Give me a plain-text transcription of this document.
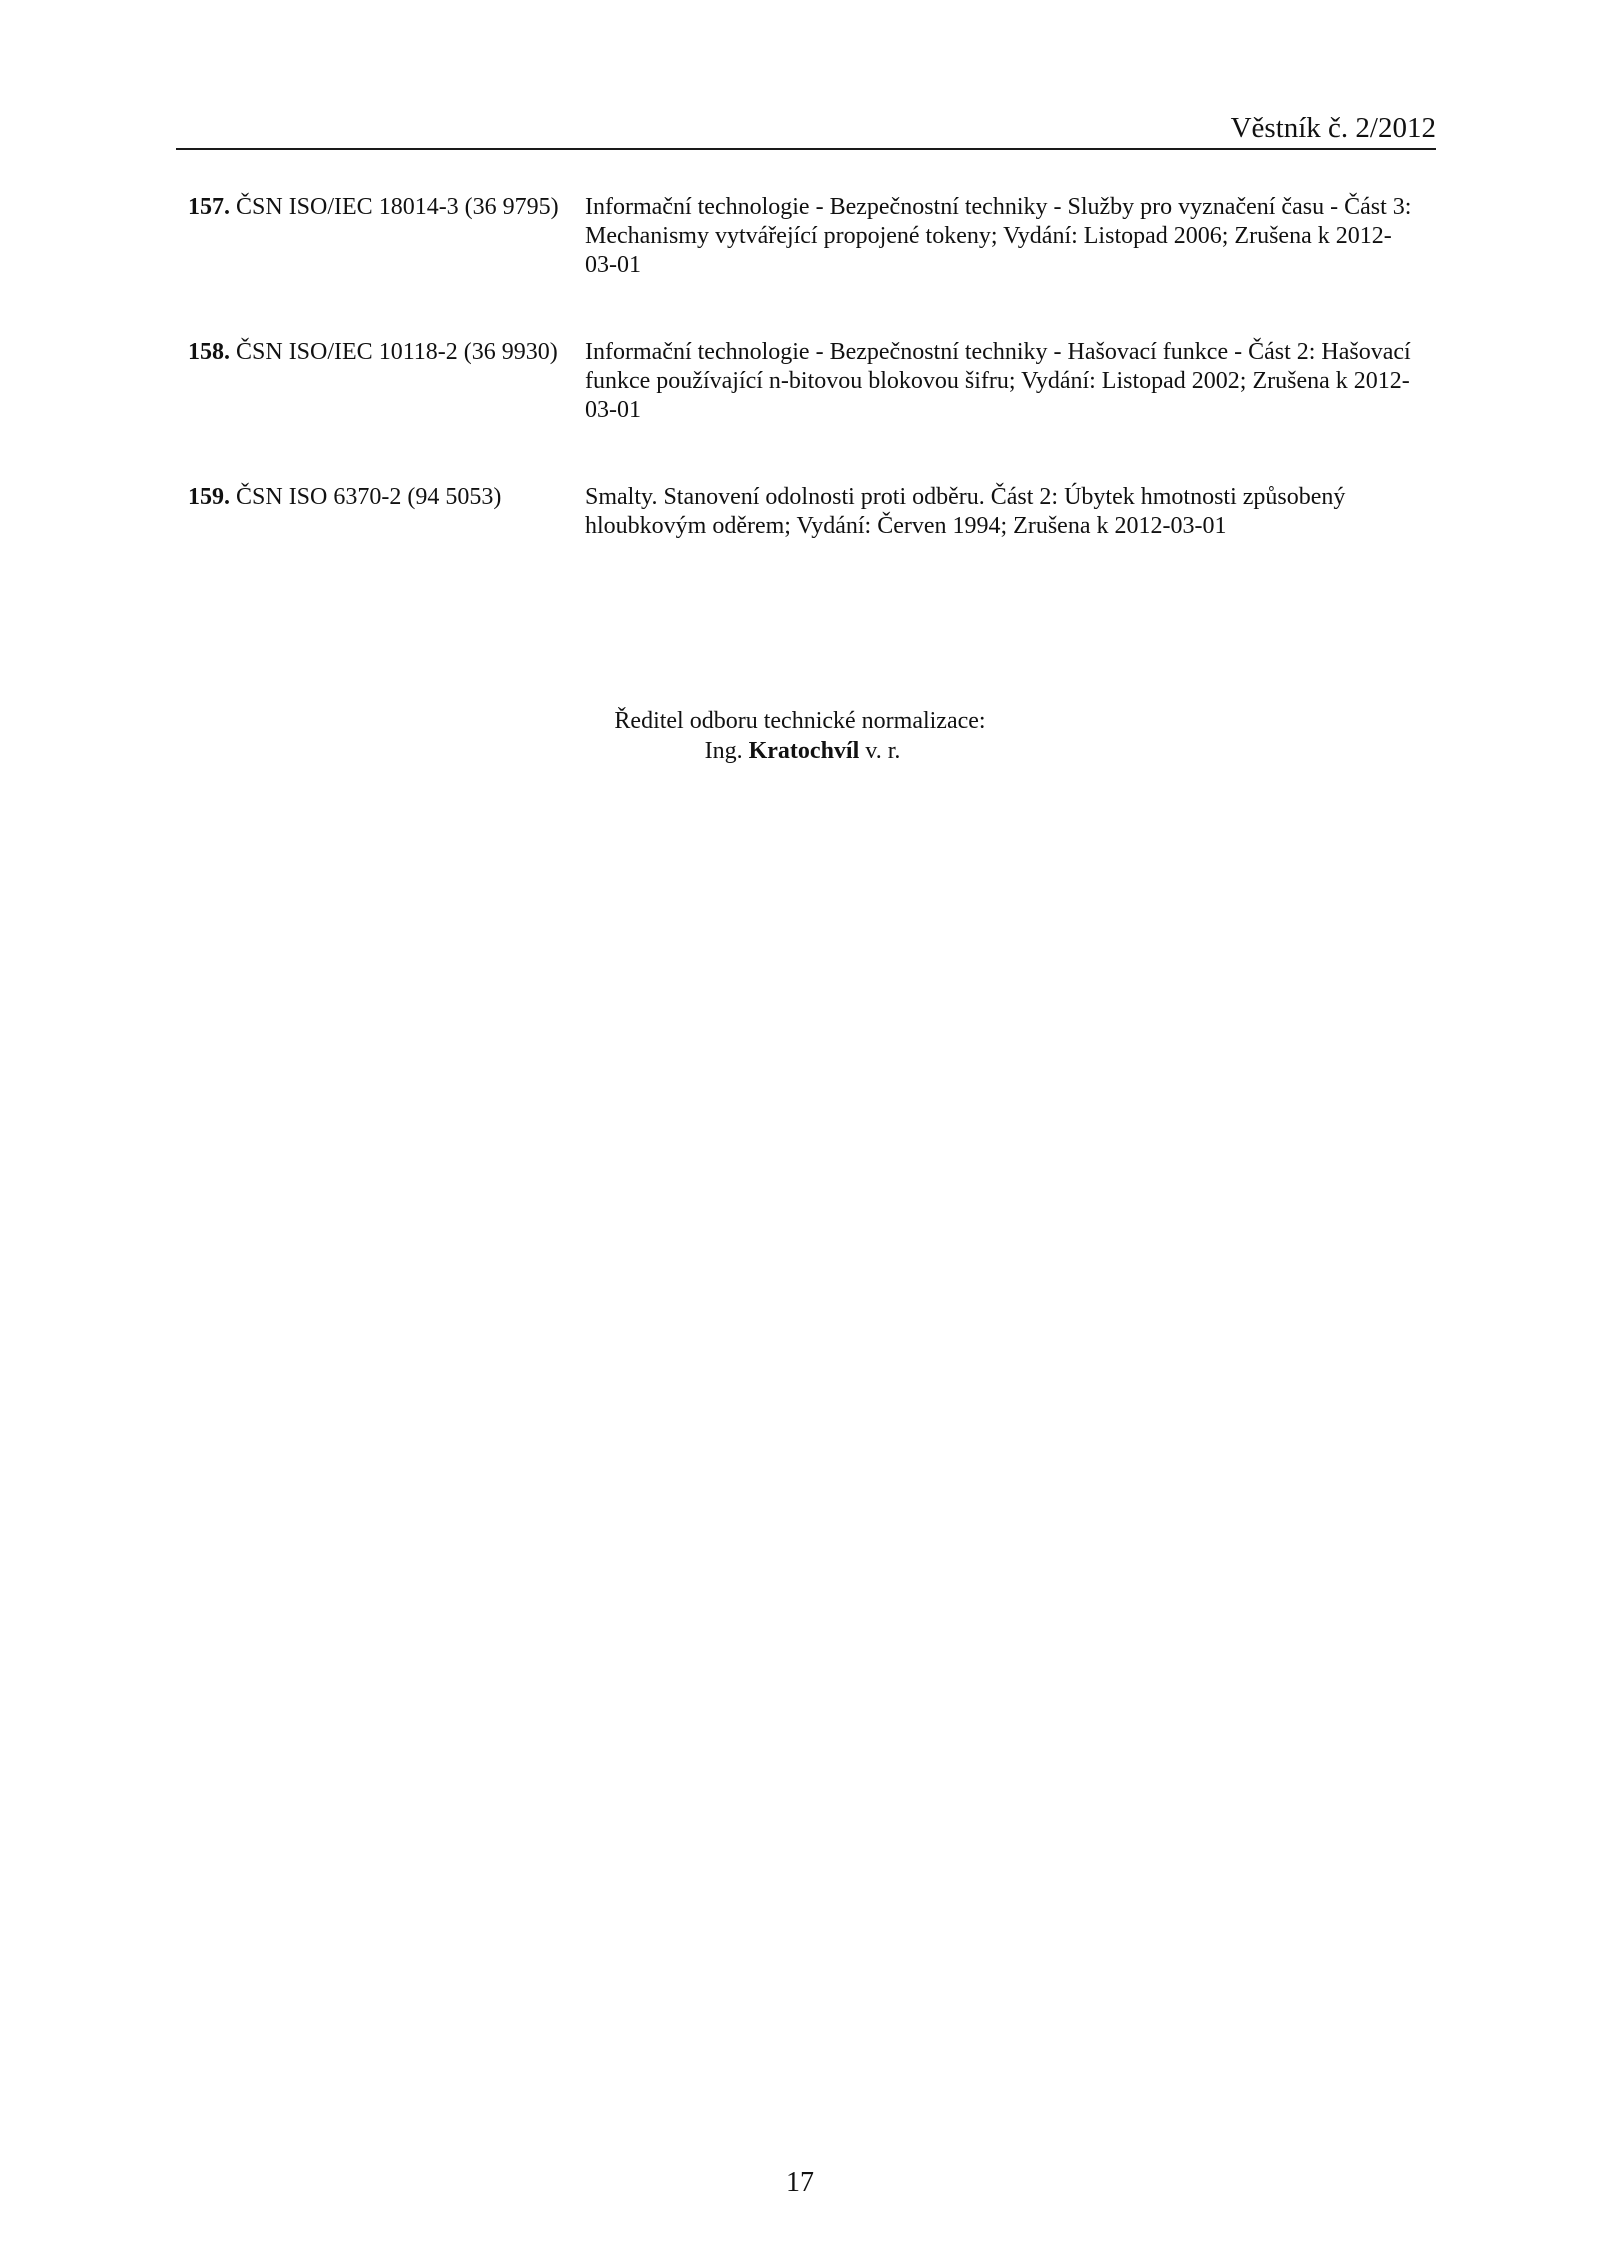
Věstník č. 2/2012
157. ČSN ISO/IEC 18014-3 (36 9795)	Informační technologie - Bezpečnostní techniky - Služby pro vyznačení času - Část 3: Mechanismy vytvářející propojené tokeny; Vydání: Listopad 2006; Zrušena k 2012-03-01
158. ČSN ISO/IEC 10118-2 (36 9930)	Informační technologie - Bezpečnostní techniky - Hašovací funkce - Část 2: Hašovací funkce používající n-bitovou blokovou šifru; Vydání: Listopad 2002; Zrušena k 2012-03-01
159. ČSN ISO 6370-2 (94 5053)	Smalty. Stanovení odolnosti proti odběru. Část 2: Úbytek hmotnosti způsobený hloubkovým oděrem; Vydání: Červen 1994; Zrušena k 2012-03-01
Ředitel odboru technické normalizace:
Ing. Kratochvíl v. r.
17
